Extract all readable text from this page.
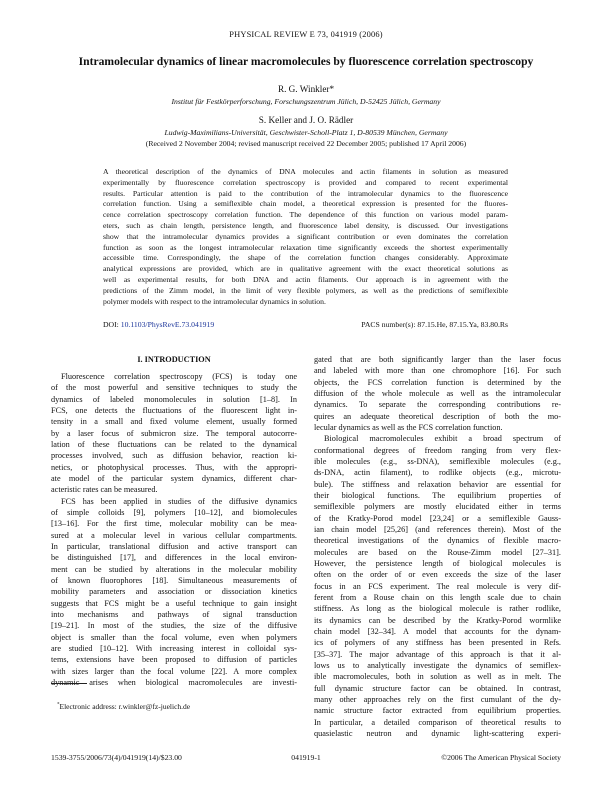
PHYSICAL REVIEW E 73, 041919 (2006)
Intramolecular dynamics of linear macromolecules by fluorescence correlation spectroscopy
R. G. Winkler*
Institut für Festkörperforschung, Forschungszentrum Jülich, D-52425 Jülich, Germany
S. Keller and J. O. Rädler
Ludwig-Maximilians-Universität, Geschwister-Scholl-Platz 1, D-80539 München, Germany
(Received 2 November 2004; revised manuscript received 22 December 2005; published 17 April 2006)
A theoretical description of the dynamics of DNA molecules and actin filaments in solution as measured
experimentally by fluorescence correlation spectroscopy is provided and compared to recent experimental
results. Particular attention is paid to the contribution of the intramolecular dynamics to the fluorescence
correlation function. Using a semiflexible chain model, a theoretical expression is presented for the fluores-
cence correlation spectroscopy correlation function. The dependence of this function on various model param-
eters, such as chain length, persistence length, and fluorescence label density, is discussed. Our investigations
show that the intramolecular dynamics provides a significant contribution or even dominates the correlation
function as soon as the longest intramolecular relaxation time significantly exceeds the shortest experimentally
accessible time. Correspondingly, the shape of the correlation function changes considerably. Approximate
analytical expressions are provided, which are in qualitative agreement with the exact theoretical solutions as
well as experimental results, for both DNA and actin filaments. Our approach is in agreement with the
predictions of the Zimm model, in the limit of very flexible polymers, as well as the predictions of semiflexible
polymer models with respect to the intramolecular dynamics in solution.
DOI: 10.1103/PhysRevE.73.041919	PACS number(s): 87.15.He, 87.15.Ya, 83.80.Rs
I. INTRODUCTION
Fluorescence correlation spectroscopy (FCS) is today one
of the most powerful and sensitive techniques to study the
dynamics of labeled monomolecules in solution [1–8]. In
FCS, one detects the fluctuations of the fluorescent light in-
tensity in a small and fixed volume element, usually formed
by a laser focus of submicron size. The temporal autocorre-
lation of these fluctuations can be related to the dynamical
processes involved, such as diffusion behavior, reaction ki-
netics, or photophysical processes. Thus, with the appropri-
ate model of the particular system dynamics, different char-
acteristic rates can be measured.
FCS has been applied in studies of the diffusive dynamics
of simple colloids [9], polymers [10–12], and biomolecules
[13–16]. For the first time, molecular mobility can be mea-
sured at a molecular level in various cellular compartments.
In particular, translational diffusion and active transport can
be distinguished [17], and differences in the local environ-
ment can be studied by alterations in the molecular mobility
of known fluorophores [18]. Simultaneous measurements of
mobility parameters and association or dissociation kinetics
suggests that FCS might be a useful technique to gain insight
into mechanisms and pathways of signal transduction
[19–21]. In most of the studies, the size of the diffusive
object is smaller than the focal volume, even when polymers
are studied [10–12]. With increasing interest in colloidal sys-
tems, extensions have been proposed to diffusion of particles
with sizes larger than the focal volume [22]. A more complex
dynamic arises when biological macromolecules are investi-
gated that are both significantly larger than the laser focus
and labeled with more than one chromophore [16]. For such
objects, the FCS correlation function is determined by the
diffusion of the whole molecule as well as the intramolecular
dynamics. To separate the corresponding contributions re-
quires an adequate theoretical description of both the mo-
lecular dynamics as well as the FCS correlation function.
Biological macromolecules exhibit a broad spectrum of
conformational degrees of freedom ranging from very flex-
ible molecules (e.g., ss-DNA), semiflexible molecules (e.g.,
ds-DNA, actin filament), to rodlike objects (e.g., microtu-
bule). The stiffness and relaxation behavior are essential for
their biological functions. The equilibrium properties of
semiflexible polymers are mostly elucidated either in terms
of the Kratky-Porod model [23,24] or a semiflexible Gauss-
ian chain model [25,26] (and references therein). Most of the
theoretical investigations of the dynamics of flexible macro-
molecules are based on the Rouse-Zimm model [27–31].
However, the persistence length of biological molecules is
often on the order of or even exceeds the size of the laser
focus in an FCS experiment. The real molecule is very dif-
ferent from a Rouse chain on this length scale due to chain
stiffness. As long as the biological molecule is rather rodlike,
its dynamics can be described by the Kratky-Porod wormlike
chain model [32–34]. A model that accounts for the dynam-
ics of polymers of any stiffness has been presented in Refs.
[35–37]. The major advantage of this approach is that it al-
lows us to analytically investigate the dynamics of semiflex-
ible macromolecules, both in solution as well as in melt. The
full dynamic structure factor can be obtained. In contrast,
many other approaches rely on the first cumulant of the dy-
namic structure factor extracted from equilibrium properties.
In particular, a detailed comparison of theoretical results to
quasielastic neutron and dynamic light-scattering experi-
*Electronic address: r.winkler@fz-juelich.de
1539-3755/2006/73(4)/041919(14)/$23.00	041919-1	©2006 The American Physical Society
